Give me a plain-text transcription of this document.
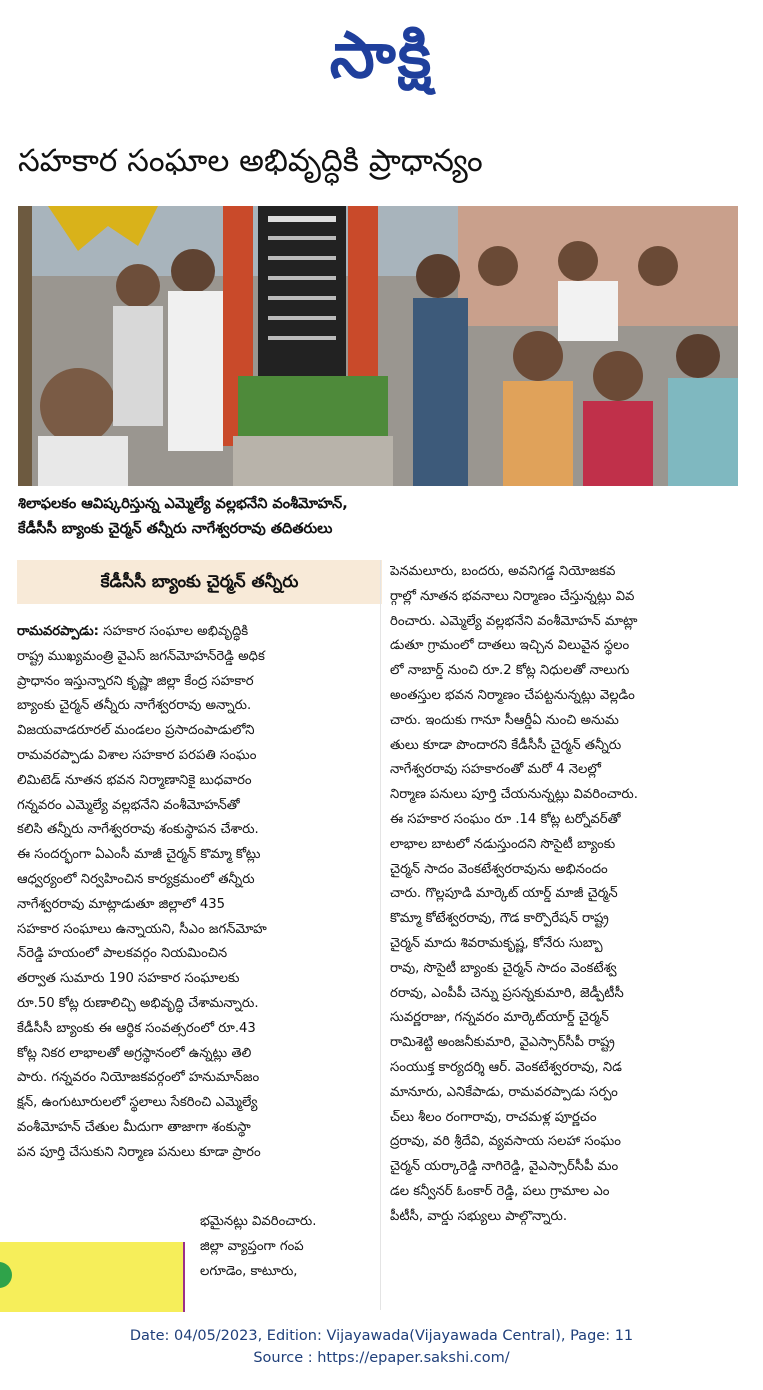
సాక్షి
సహకార సంఘాల అభివృద్ధికి ప్రాధాన్యం
శిలాఫలకం ఆవిష్కరిస్తున్న ఎమ్మెల్యే వల్లభనేని వంశీమోహన్,
కేడీసీసీ బ్యాంకు చైర్మన్ తన్నీరు నాగేశ్వరరావు తదితరులు
కేడీసీసీ బ్యాంకు చైర్మన్ తన్నీరు
రామవరప్పాడు: సహకార సంఘాల అభివృద్ధికి
రాష్ట్ర ముఖ్యమంత్రి వైఎస్ జగన్‌మోహన్‌రెడ్డి అధిక
ప్రాధానం ఇస్తున్నారని కృష్ణా జిల్లా కేంద్ర సహకార
బ్యాంకు చైర్మన్ తన్నీరు నాగేశ్వరరావు అన్నారు.
విజయవాడరూరల్ మండలం ప్రసాదంపాడులోని
రామవరప్పాడు విశాల సహకార పరపతి సంఘం
లిమిటెడ్ నూతన భవన నిర్మాణానికై బుధవారం
గన్నవరం ఎమ్మెల్యే వల్లభనేని వంశీమోహన్‌తో
కలిసి తన్నీరు నాగేశ్వరరావు శంకుస్థాపన చేశారు.
ఈ సందర్భంగా ఏఎంసీ మాజీ చైర్మన్ కొమ్మా కోట్లు
ఆధ్వర్యంలో నిర్వహించిన కార్యక్రమంలో తన్నీరు
నాగేశ్వరరావు మాట్లాడుతూ జిల్లాలో 435
సహకార సంఘాలు ఉన్నాయని, సీఎం జగన్‌మోహ
న్‌రెడ్డి హయంలో పాలకవర్గం నియమించిన
తర్వాత సుమారు 190 సహకార సంఘాలకు
రూ.50 కోట్ల రుణాలిచ్చి అభివృద్ధి చేశామన్నారు.
కేడీసీసీ బ్యాంకు ఈ ఆర్థిక సంవత్సరంలో రూ.43
కోట్ల నికర లాభాలతో అగ్రస్థానంలో ఉన్నట్లు తెలి
పారు. గన్నవరం నియోజకవర్గంలో హనుమాన్‌జం
క్షన్, ఉంగుటూరులలో స్థలాలు సేకరించి ఎమ్మెల్యే
వంశీమోహన్ చేతుల మీదుగా తాజాగా శంకుస్థా
పన పూర్తి చేసుకుని నిర్మాణ పనులు కూడా ప్రారం
భమైనట్లు వివరించారు.
జిల్లా వ్యాప్తంగా గంప
లగూడెం, కాటూరు,
పెనమలూరు, బందరు, అవనిగడ్డ నియోజకవ
ర్గాల్లో నూతన భవనాలు నిర్మాణం చేస్తున్నట్లు వివ
రించారు. ఎమ్మెల్యే వల్లభనేని వంశీమోహన్ మాట్లా
డుతూ గ్రామంలో దాతలు ఇచ్చిన విలువైన స్థలం
లో నాబార్డ్ నుంచి రూ.2 కోట్ల నిధులతో నాలుగు
అంతస్తుల భవన నిర్మాణం చేపట్టనున్నట్లు వెల్లడిం
చారు. ఇందుకు గానూ సీఆర్డీఏ నుంచి అనుమ
తులు కూడా పొందారని కేడీసీసీ చైర్మన్ తన్నీరు
నాగేశ్వరరావు సహకారంతో మరో 4 నెలల్లో
నిర్మాణ పనులు పూర్తి చేయనున్నట్లు వివరించారు.
ఈ సహకార సంఘం రూ .14 కోట్ల టర్నోవర్‌తో
లాభాల బాటలో నడుస్తుందని సొసైటీ బ్యాంకు
చైర్మన్ సాదం వెంకటేశ్వరరావును అభినందం
చారు. గొల్లపూడి మార్కెట్ యార్డ్ మాజీ చైర్మన్
కొమ్మా కోటేశ్వరరావు, గౌడ కార్పొరేషన్ రాష్ట్ర
చైర్మన్ మాదు శివరామకృష్ణ, కోనేరు సుబ్బా
రావు, సొసైటీ బ్యాంకు చైర్మన్ సాదం వెంకటేశ్వ
రరావు, ఎంపీపీ చెన్ను ప్రసన్నకుమారి, జెడ్పీటీసీ
సువర్ణరాజు, గన్నవరం మార్కెట్‌యార్డ్ చైర్మన్
రామిశెట్టి అంజనీకుమారి, వైఎస్సార్‌సీపీ రాష్ట్ర
సంయుక్త కార్యదర్శి ఆర్. వెంకటేశ్వరరావు, నిడ
మానూరు, ఎనికేపాడు, రామవరప్పాడు సర్పం
చ్‌లు శీలం రంగారావు, రాచమళ్ల పూర్ణచం
ద్రరావు, వరి శ్రీదేవి, వ్యవసాయ సలహా సంఘం
చైర్మన్ యర్కారెడ్డి నాగిరెడ్డి, వైఎస్సార్‌సీపీ మం
డల కన్వీనర్ ఓంకార్ రెడ్డి, పలు గ్రామాల ఎం
పీటీసీ, వార్డు సభ్యులు పాల్గొన్నారు.
Date: 04/05/2023, Edition: Vijayawada(Vijayawada Central), Page: 11
Source : https://epaper.sakshi.com/
